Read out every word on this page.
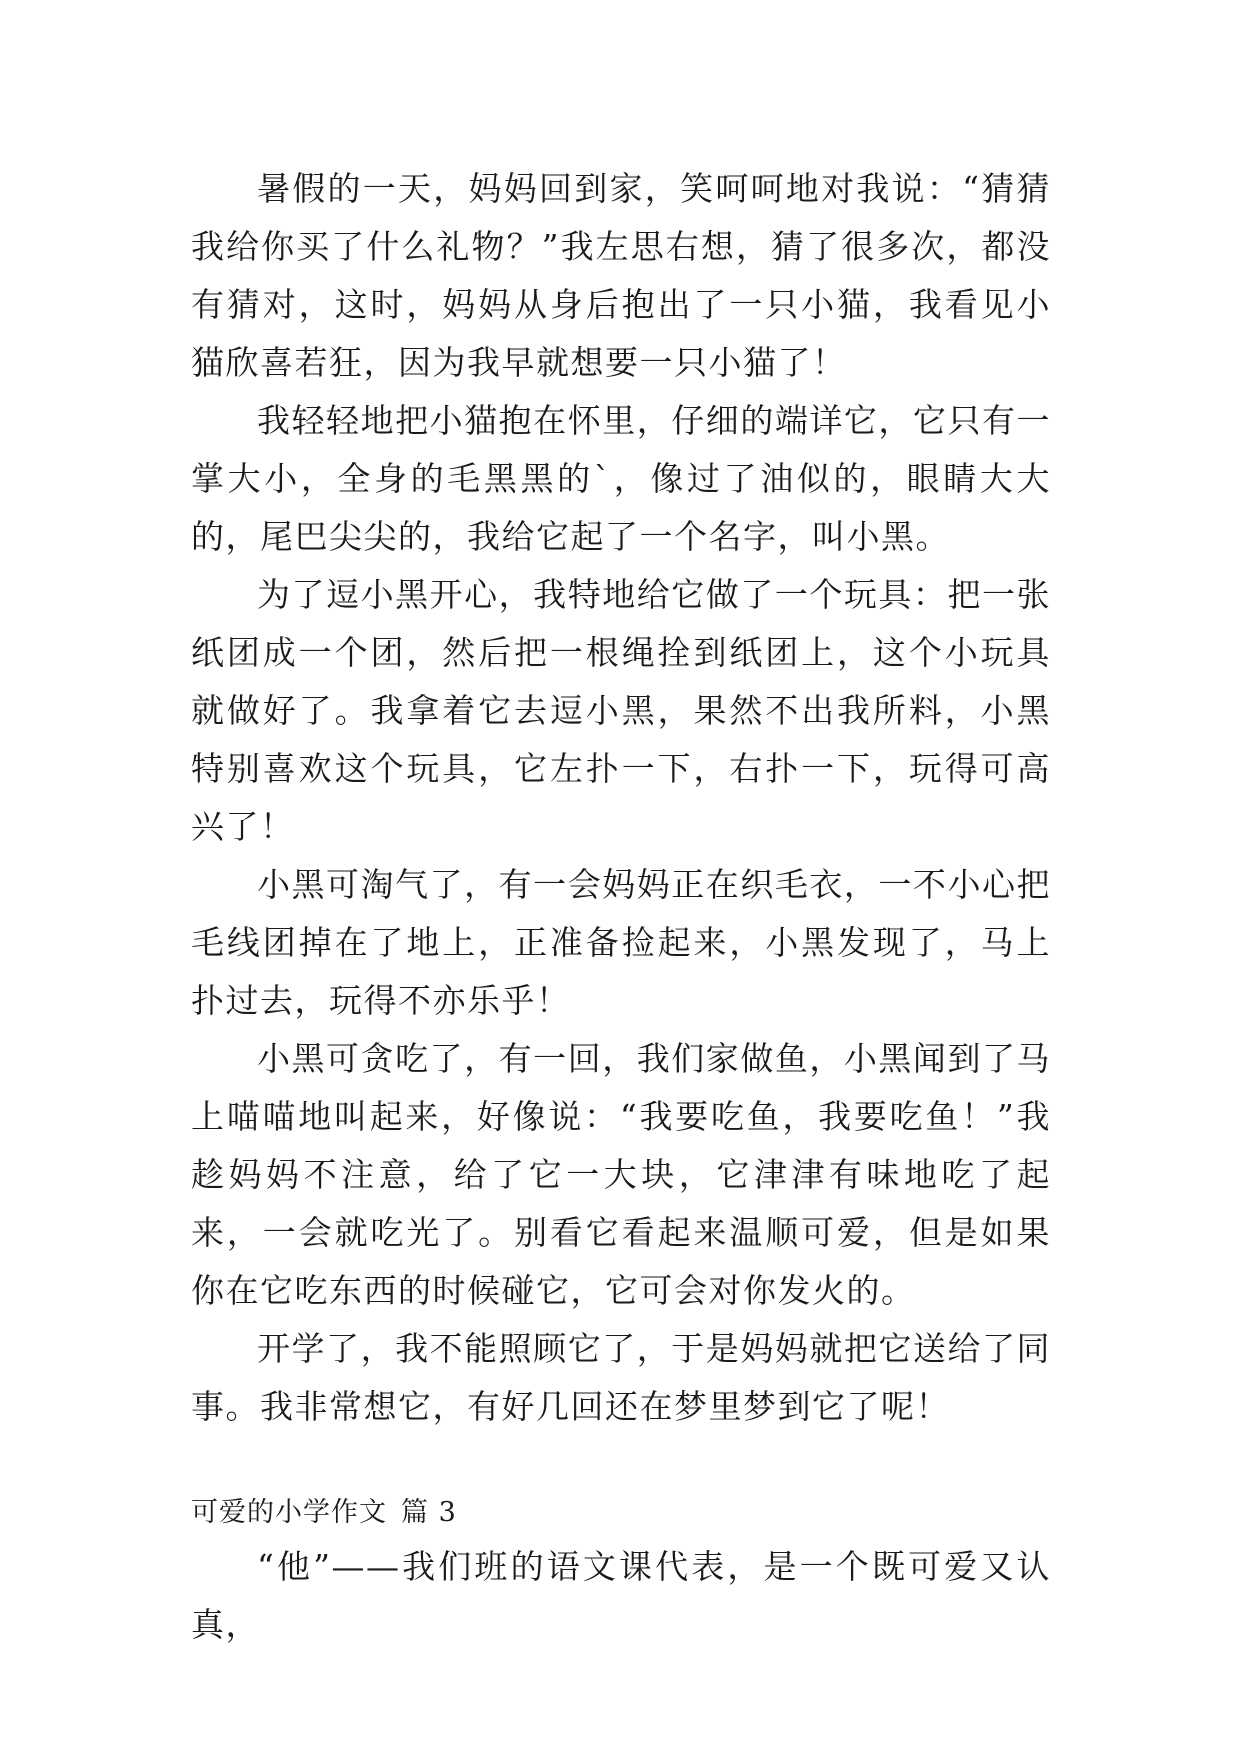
暑假的一天，妈妈回到家，笑呵呵地对我说：“猜猜我给你买了什么礼物？”我左思右想，猜了很多次，都没有猜对，这时，妈妈从身后抱出了一只小猫，我看见小猫欣喜若狂，因为我早就想要一只小猫了！

我轻轻地把小猫抱在怀里，仔细的端详它，它只有一掌大小，全身的毛黑黑的`，像过了油似的，眼睛大大的，尾巴尖尖的，我给它起了一个名字，叫小黑。

为了逗小黑开心，我特地给它做了一个玩具：把一张纸团成一个团，然后把一根绳拴到纸团上，这个小玩具就做好了。我拿着它去逗小黑，果然不出我所料，小黑特别喜欢这个玩具，它左扑一下，右扑一下，玩得可高兴了！

小黑可淘气了，有一会妈妈正在织毛衣，一不小心把毛线团掉在了地上，正准备捡起来，小黑发现了，马上扑过去，玩得不亦乐乎！

小黑可贪吃了，有一回，我们家做鱼，小黑闻到了马上喵喵地叫起来，好像说：“我要吃鱼，我要吃鱼！”我趁妈妈不注意，给了它一大块，它津津有味地吃了起来，一会就吃光了。别看它看起来温顺可爱，但是如果你在它吃东西的时候碰它，它可会对你发火的。

开学了，我不能照顾它了，于是妈妈就把它送给了同事。我非常想它，有好几回还在梦里梦到它了呢！

可爱的小学作文 篇 3

“他”——我们班的语文课代表，是一个既可爱又认真，
